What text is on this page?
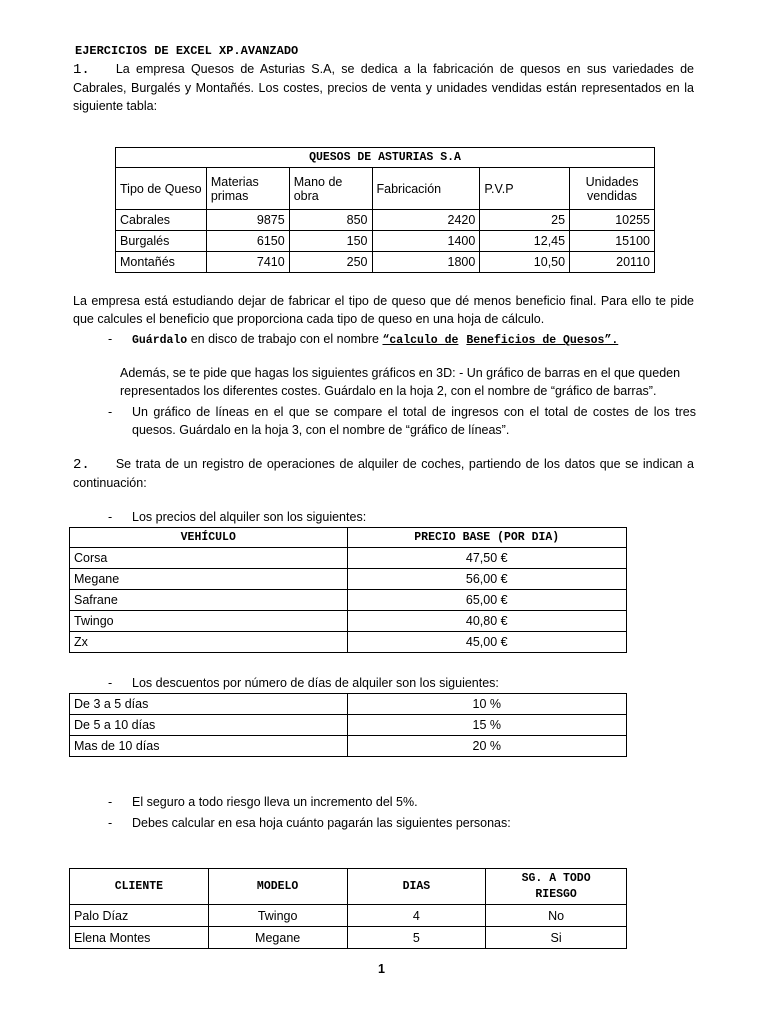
EJERCICIOS DE EXCEL XP.AVANZADO
1. La empresa Quesos de Asturias S.A, se dedica a la fabricación de quesos en sus variedades de Cabrales, Burgalés y Montañés. Los costes, precios de venta y unidades vendidas están representados en la siguiente tabla:
QUESOS DE ASTURIAS S.A					
Tipo de Queso	Materias primas	Mano de obra	Fabricación	P.V.P	Unidades vendidas
Cabrales	9875	850	2420	25	10255
Burgalés	6150	150	1400	12,45	15100
Montañés	7410	250	1800	10,50	20110
La empresa está estudiando dejar de fabricar el tipo de queso que dé menos beneficio final. Para ello te pide que calcules el beneficio que proporciona cada tipo de queso en una hoja de cálculo.
- Guárdalo en disco de trabajo con el nombre “calculo de Beneficios de Quesos”.
Además, se te pide que hagas los siguientes gráficos en 3D: - Un gráfico de barras en el que queden representados los diferentes costes. Guárdalo en la hoja 2, con el nombre de “gráfico de barras”.
-	Un gráfico de líneas en el que se compare el total de ingresos con el total de costes de los tres quesos. Guárdalo en la hoja 3, con el nombre de “gráfico de líneas”.
2. Se trata de un registro de operaciones de alquiler de coches, partiendo de los datos que se indican a continuación:
- Los precios del alquiler son los siguientes:
VEHÍCULO	PRECIO BASE (POR DIA)
Corsa	47,50 €
Megane	56,00 €
Safrane	65,00 €
Twingo	40,80 €
Zx	45,00 €
- Los descuentos por número de días de alquiler son los siguientes:
De 3 a 5 días	10 %
De 5 a 10 días	15 %
Mas de 10 días	20 %
- El seguro a todo riesgo lleva un incremento del 5%.
- Debes calcular en esa hoja cuánto pagarán las siguientes personas:
CLIENTE	MODELO	DIAS	SG. A TODO
RIESGO
Palo Díaz	Twingo	4	No
Elena Montes	Megane	5	Si
1
